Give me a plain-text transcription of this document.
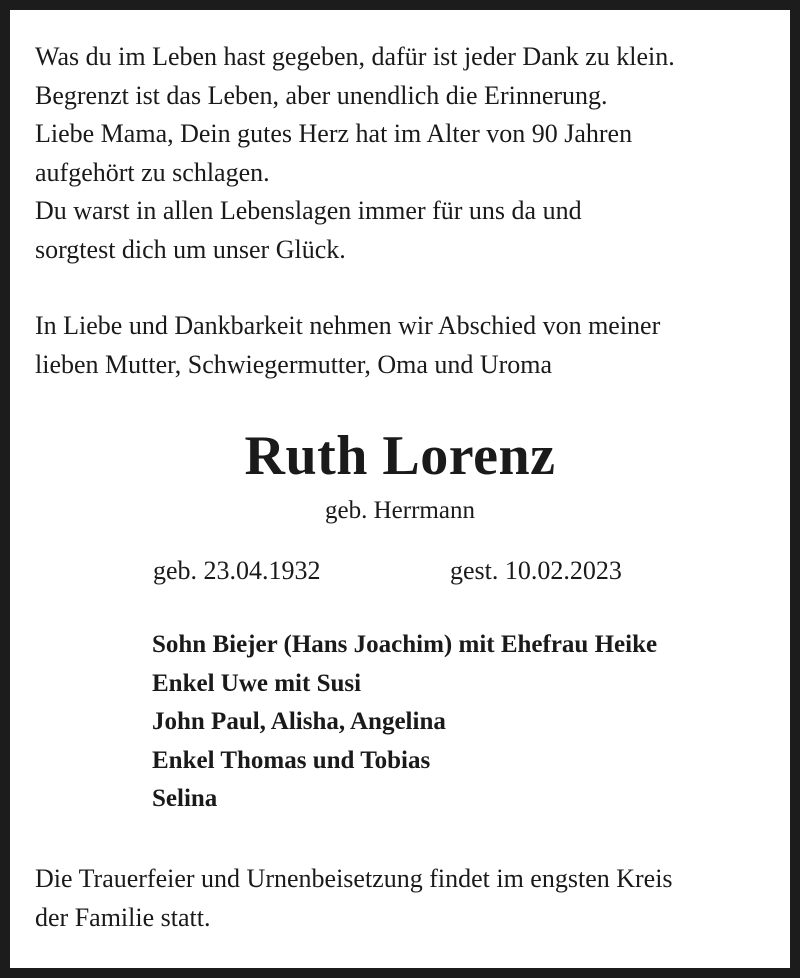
Was du im Leben hast gegeben, dafür ist jeder Dank zu klein.
Begrenzt ist das Leben, aber unendlich die Erinnerung.
Liebe Mama, Dein gutes Herz hat im Alter von 90 Jahren
aufgehört zu schlagen.
Du warst in allen Lebenslagen immer für uns da und
sorgtest dich um unser Glück.
In Liebe und Dankbarkeit nehmen wir Abschied von meiner
lieben Mutter, Schwiegermutter, Oma und Uroma
Ruth Lorenz
geb. Herrmann
geb. 23.04.1932	gest. 10.02.2023
Sohn Biejer (Hans Joachim) mit Ehefrau Heike
Enkel Uwe mit Susi
John Paul, Alisha, Angelina
Enkel Thomas und Tobias
Selina
Die Trauerfeier und Urnenbeisetzung findet im engsten Kreis
der Familie statt.
